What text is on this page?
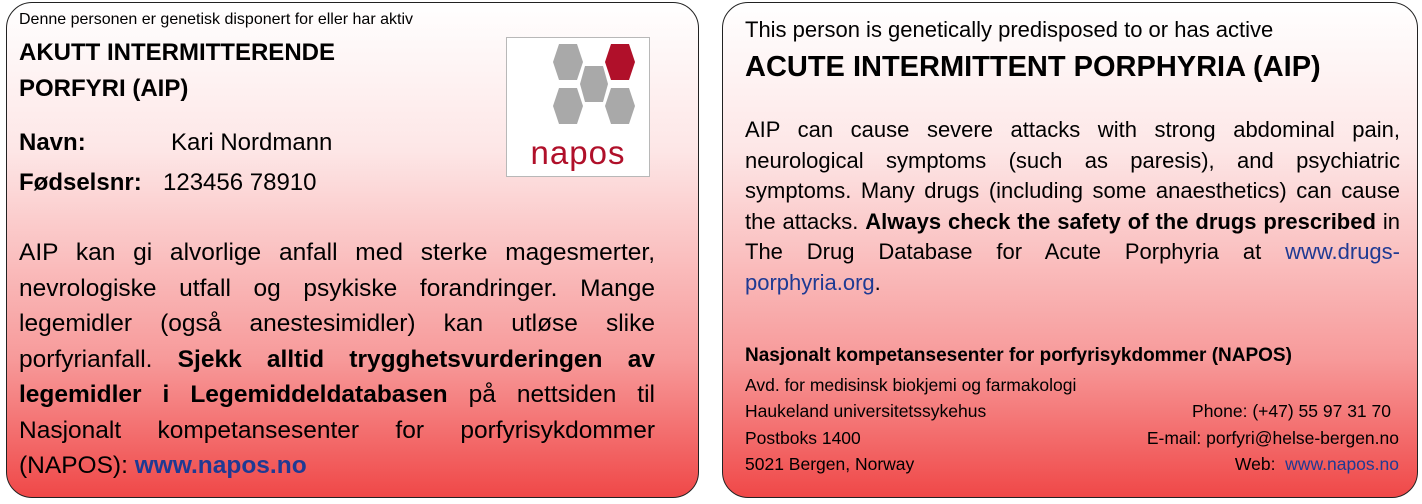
Denne personen er genetisk disponert for eller har aktiv
AKUTT INTERMITTERENDE
PORFYRI (AIP)
Navn:	Kari Nordmann
Fødselsnr: 123456 78910
napos
AIP kan gi alvorlige anfall med sterke magesmerter, nevrologiske utfall og psykiske forandringer. Mange legemidler (også anestesimidler) kan utløse slike porfyrianfall. Sjekk alltid trygghetsvurderingen av legemidler i Legemiddeldatabasen på nettsiden til Nasjonalt kompetansesenter for porfyrisykdommer (NAPOS): www.napos.no
This person is genetically predisposed to or has active
ACUTE INTERMITTENT PORPHYRIA (AIP)
AIP can cause severe attacks with strong abdominal pain, neurological symptoms (such as paresis), and psychiatric symptoms. Many drugs (including some anaesthetics) can cause the attacks. Always check the safety of the drugs prescribed in The Drug Database for Acute Porphyria at www.drugs-porphyria.org.
Nasjonalt kompetansesenter for porfyrisykdommer (NAPOS)
Avd. for medisinsk biokjemi og farmakologi
Haukeland universitetssykehus
Postboks 1400
5021 Bergen, Norway
Phone: (+47) 55 97 31 70
E-mail: porfyri@helse-bergen.no
Web: www.napos.no
